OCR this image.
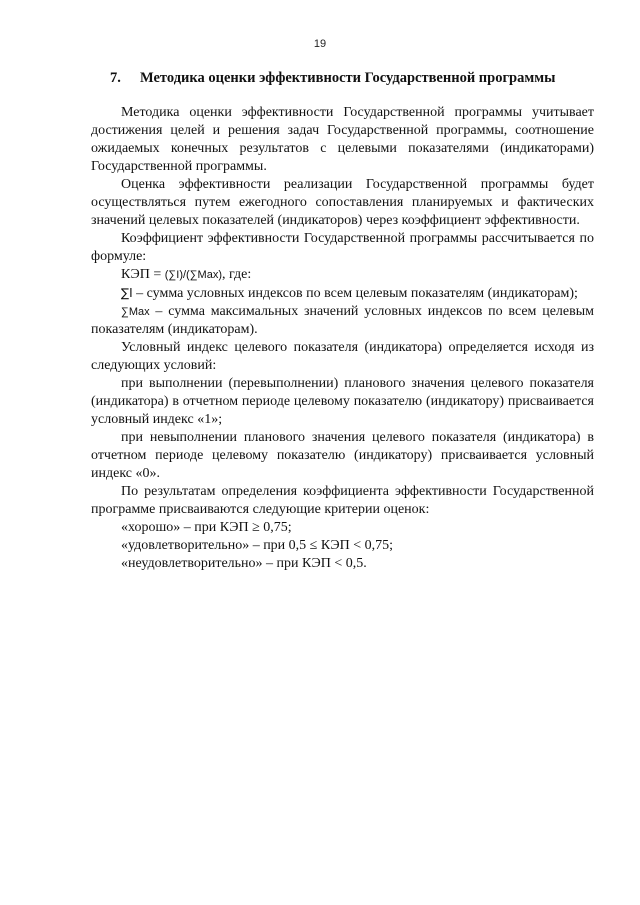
19
7. Методика оценки эффективности Государственной программы

Методика оценки эффективности Государственной программы учитывает достижения целей и решения задач Государственной программы, соотношение ожидаемых конечных результатов с целевыми показателями (индикаторами) Государственной программы.

Оценка эффективности реализации Государственной программы будет осуществляться путем ежегодного сопоставления планируемых и фактических значений целевых показателей (индикаторов) через коэффициент эффективности.

Коэффициент эффективности Государственной программы рассчитывается по формуле:

КЭП = (∑I)/(∑Max), где:

∑I – сумма условных индексов по всем целевым показателям (индикаторам);

∑Max – сумма максимальных значений условных индексов по всем целевым показателям (индикаторам).

Условный индекс целевого показателя (индикатора) определяется исходя из следующих условий:

при выполнении (перевыполнении) планового значения целевого показателя (индикатора) в отчетном периоде целевому показателю (индикатору) присваивается условный индекс «1»;

при невыполнении планового значения целевого показателя (индикатора) в отчетном периоде целевому показателю (индикатору) присваивается условный индекс «0».

По результатам определения коэффициента эффективности Государственной программе присваиваются следующие критерии оценок:

«хорошо» – при КЭП ≥ 0,75;

«удовлетворительно» – при 0,5 ≤ КЭП < 0,75;

«неудовлетворительно» – при КЭП < 0,5.
